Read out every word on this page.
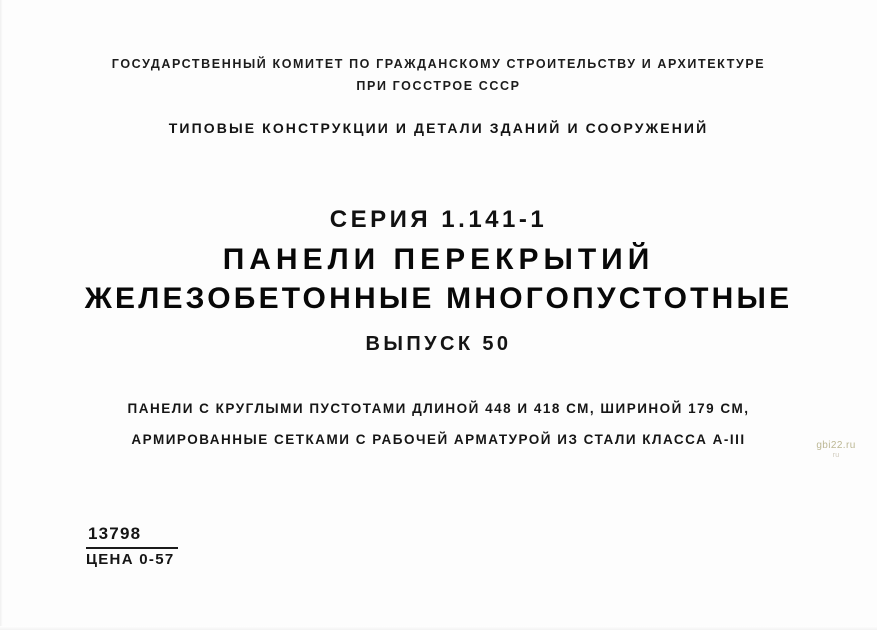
ГОСУДАРСТВЕННЫЙ КОМИТЕТ ПО ГРАЖДАНСКОМУ СТРОИТЕЛЬСТВУ И АРХИТЕКТУРЕ
ПРИ ГОССТРОЕ СССР
ТИПОВЫЕ КОНСТРУКЦИИ И ДЕТАЛИ ЗДАНИЙ И СООРУЖЕНИЙ
СЕРИЯ 1.141-1
ПАНЕЛИ ПЕРЕКРЫТИЙ
ЖЕЛЕЗОБЕТОННЫЕ МНОГОПУСТОТНЫЕ
ВЫПУСК 50
ПАНЕЛИ С КРУГЛЫМИ ПУСТОТАМИ ДЛИНОЙ 448 И 418 СМ, ШИРИНОЙ 179 СМ,
АРМИРОВАННЫЕ СЕТКАМИ С РАБОЧЕЙ АРМАТУРОЙ ИЗ СТАЛИ КЛАССА А-III
13798
ЦЕНА 0-57
gbi22.ru
ru
